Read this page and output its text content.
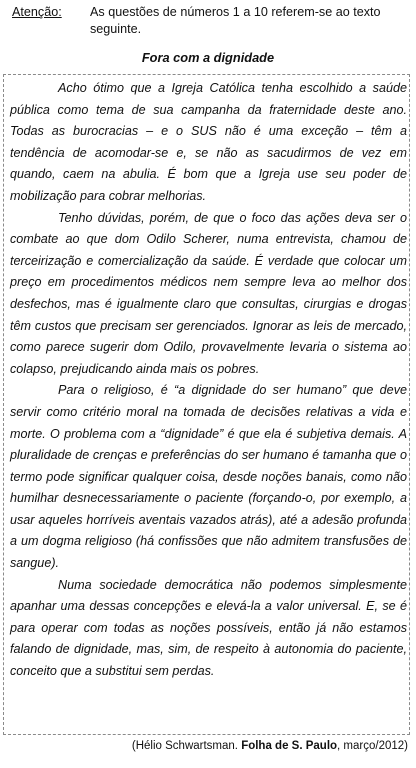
Atenção: As questões de números 1 a 10 referem-se ao texto seguinte.
Fora com a dignidade

Acho ótimo que a Igreja Católica tenha escolhido a saúde pública como tema de sua campanha da fraternidade deste ano. Todas as burocracias – e o SUS não é uma exceção – têm a tendência de acomodar-se e, se não as sacudirmos de vez em quando, caem na abulia. É bom que a Igreja use seu poder de mobilização para cobrar melhorias.

Tenho dúvidas, porém, de que o foco das ações deva ser o combate ao que dom Odilo Scherer, numa entrevista, chamou de terceirização e comercialização da saúde. É verdade que colocar um preço em procedimentos médicos nem sempre leva ao melhor dos desfechos, mas é igualmente claro que consultas, cirurgias e drogas têm custos que precisam ser gerenciados. Ignorar as leis de mercado, como parece sugerir dom Odilo, provavelmente levaria o sistema ao colapso, prejudicando ainda mais os pobres.

Para o religioso, é “a dignidade do ser humano” que deve servir como critério moral na tomada de decisões relativas a vida e morte. O problema com a “dignidade” é que ela é subjetiva demais. A pluralidade de crenças e preferências do ser humano é tamanha que o termo pode significar qualquer coisa, desde noções banais, como não humilhar desnecessariamente o paciente (forçando-o, por exemplo, a usar aqueles horríveis aventais vazados atrás), até a adesão profunda a um dogma religioso (há confissões que não admitem transfusões de sangue).

Numa sociedade democrática não podemos simplesmente apanhar uma dessas concepções e elevá-la a valor universal. E, se é para operar com todas as noções possíveis, então já não estamos falando de dignidade, mas, sim, de respeito à autonomia do paciente, conceito que a substitui sem perdas.

(Hélio Schwartsman. Folha de S. Paulo, março/2012)
